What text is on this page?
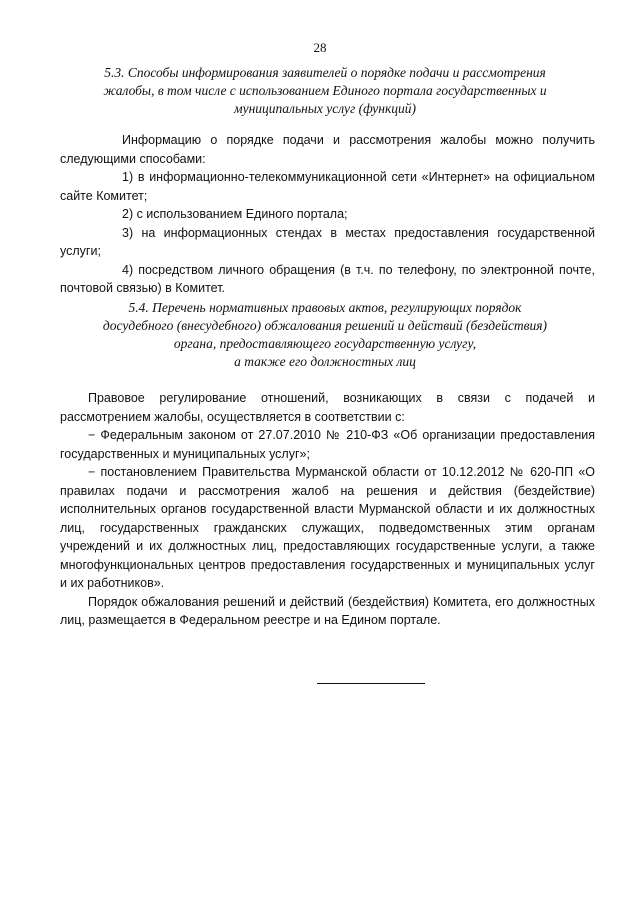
28
5.3. Способы информирования заявителей о порядке подачи и рассмотрения
жалобы, в том числе с использованием Единого портала государственных и
муниципальных услуг (функций)

Информацию о порядке подачи и рассмотрения жалобы можно получить следующими способами:

1) в информационно-телекоммуникационной сети «Интернет» на официальном сайте Комитет;

2) с использованием Единого портала;

3) на информационных стендах в местах предоставления государственной услуги;

4) посредством личного обращения (в т.ч. по телефону, по электронной почте, почтовой связью) в Комитет.

5.4. Перечень нормативных правовых актов, регулирующих порядок
досудебного (внесудебного) обжалования решений и действий (бездействия)
органа, предоставляющего государственную услугу,
а также его должностных лиц

Правовое регулирование отношений, возникающих в связи с подачей и рассмотрением жалобы, осуществляется в соответствии с:

− Федеральным законом от 27.07.2010 № 210-ФЗ «Об организации предоставления государственных и муниципальных услуг»;

− постановлением Правительства Мурманской области от 10.12.2012 № 620-ПП «О правилах подачи и рассмотрения жалоб на решения и действия (бездействие) исполнительных органов государственной власти Мурманской области и их должностных лиц, государственных гражданских служащих, подведомственных этим органам учреждений и их должностных лиц, предоставляющих государственные услуги, а также многофункциональных центров предоставления государственных и муниципальных услуг и их работников».

Порядок обжалования решений и действий (бездействия) Комитета, его должностных лиц, размещается в Федеральном реестре и на Едином портале.
